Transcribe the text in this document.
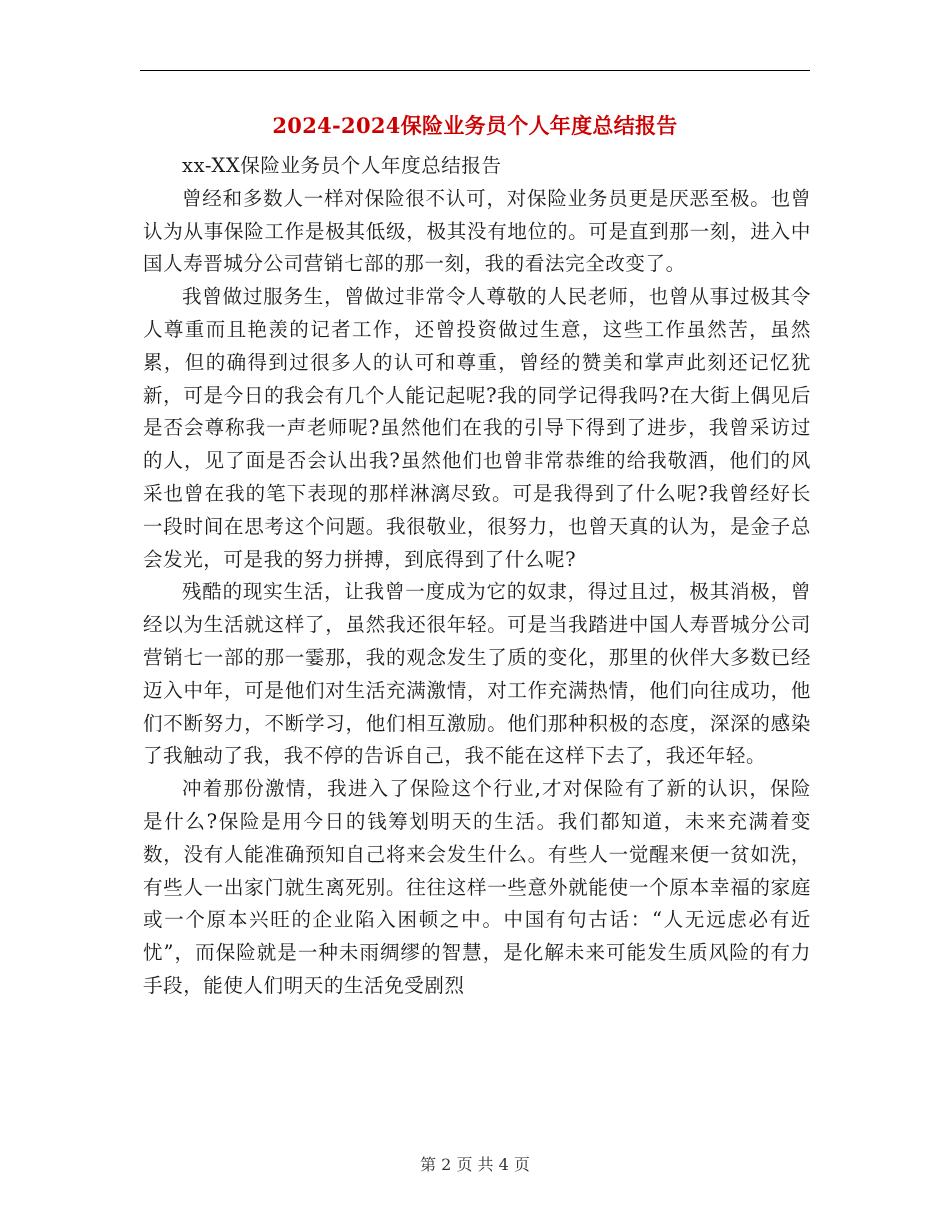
2024-2024保险业务员个人年度总结报告

xx-XX保险业务员个人年度总结报告

曾经和多数人一样对保险很不认可，对保险业务员更是厌恶至极。也曾认为从事保险工作是极其低级，极其没有地位的。可是直到那一刻，进入中国人寿晋城分公司营销七部的那一刻，我的看法完全改变了。

我曾做过服务生，曾做过非常令人尊敬的人民老师，也曾从事过极其令人尊重而且艳羡的记者工作，还曾投资做过生意，这些工作虽然苦，虽然累，但的确得到过很多人的认可和尊重，曾经的赞美和掌声此刻还记忆犹新，可是今日的我会有几个人能记起呢?我的同学记得我吗?在大街上偶见后是否会尊称我一声老师呢?虽然他们在我的引导下得到了进步，我曾采访过的人，见了面是否会认出我?虽然他们也曾非常恭维的给我敬酒，他们的风采也曾在我的笔下表现的那样淋漓尽致。可是我得到了什么呢?我曾经好长一段时间在思考这个问题。我很敬业，很努力，也曾天真的认为，是金子总会发光，可是我的努力拼搏，到底得到了什么呢?

残酷的现实生活，让我曾一度成为它的奴隶，得过且过，极其消极，曾经以为生活就这样了，虽然我还很年轻。可是当我踏进中国人寿晋城分公司营销七一部的那一霎那，我的观念发生了质的变化，那里的伙伴大多数已经迈入中年，可是他们对生活充满激情，对工作充满热情，他们向往成功，他们不断努力，不断学习，他们相互激励。他们那种积极的态度，深深的感染了我触动了我，我不停的告诉自己，我不能在这样下去了，我还年轻。

冲着那份激情，我进入了保险这个行业,才对保险有了新的认识，保险是什么?保险是用今日的钱筹划明天的生活。我们都知道，未来充满着变数，没有人能准确预知自己将来会发生什么。有些人一觉醒来便一贫如洗，有些人一出家门就生离死别。往往这样一些意外就能使一个原本幸福的家庭或一个原本兴旺的企业陷入困顿之中。中国有句古话：“人无远虑必有近忧”，而保险就是一种未雨绸缪的智慧，是化解未来可能发生质风险的有力手段，能使人们明天的生活免受剧烈

第 2 页 共 4 页
